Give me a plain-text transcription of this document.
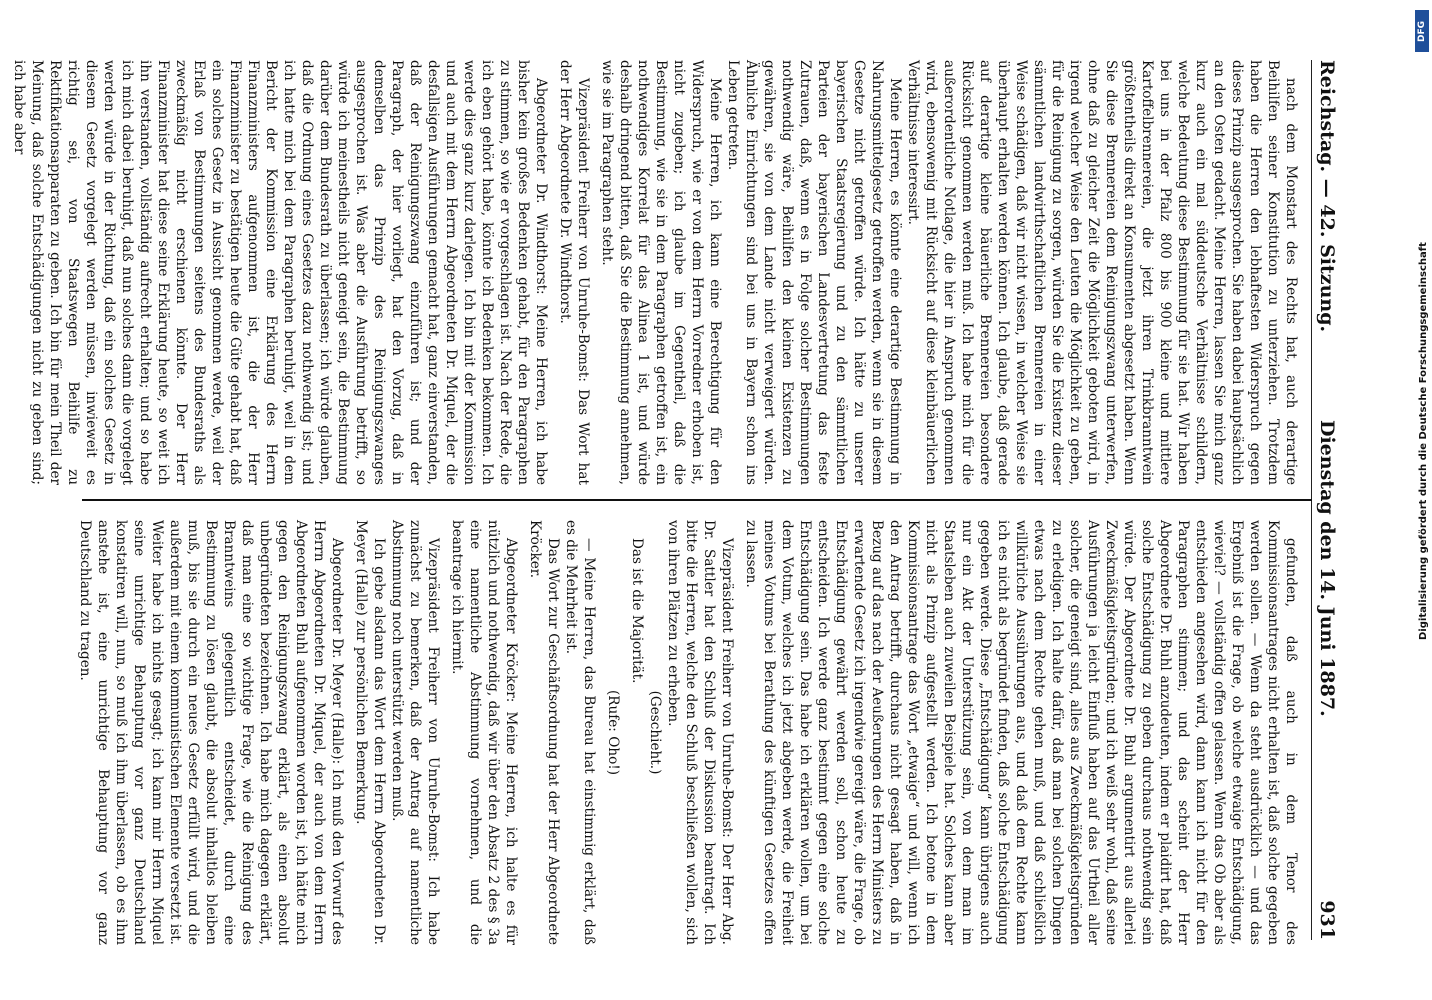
Reichstag. — 42. Sitzung.
Dienstag den 14. Juni 1887.
931

nach dem Monstart des Rechts hat, auch derartige Beihilfen seiner Konstitution zu unterziehen. Trotzdem haben die Herren den lebhaftesten Widerspruch gegen dieses Prinzip ausgesprochen. Sie haben dabei hauptsächlich an den Osten gedacht. Meine Herren, lassen Sie mich ganz kurz auch ein mal süddeutsche Verhältnisse schildern, welche Bedeutung diese Bestimmung für sie hat. Wir haben bei uns in der Pfalz 800 bis 900 kleine und mittlere Kartoffelbrennereien, die jetzt ihren Trinkbranntwein größtentheils direkt an Konsumenten abgesetzt haben. Wenn Sie diese Brennereien dem Reinigungszwang unterwerfen, ohne daß zu gleicher Zeit die Möglichkeit geboten wird, in irgend welcher Weise den Leuten die Möglichkeit zu geben, für die Reinigung zu sorgen, würden Sie die Existenz dieser sämmtlichen landwirthschaftlichen Brennereien in einer Weise schädigen, daß wir nicht wissen, in welcher Weise sie überhaupt erhalten werden können. Ich glaube, daß gerade auf derartige kleine bäuerliche Brennereien besondere Rücksicht genommen werden muß. Ich habe mich für die außerordentliche Notlage, die hier in Anspruch genommen wird, ebensowenig mit Rücksicht auf diese kleinbäuerlichen Verhältnisse interessirt.

Meine Herren, es könnte eine derartige Bestimmung in Nahrungsmittelgesetz getroffen werden, wenn sie in diesem Gesetze nicht getroffen würde. Ich hätte zu unserer bayerischen Staatsregierung und zu den sämmtlichen Parteien der bayerischen Landesvertretung das feste Zutrauen, daß, wenn es in Folge solcher Bestimmungen nothwendig wäre, Beihilfen den kleinen Existenzen zu gewähren, sie von dem Lande nicht verweigert würden. Ähnliche Einrichtungen sind bei uns in Bayern schon ins Leben getreten.

Meine Herren, ich kann eine Berechtigung für den Widerspruch, wie er von dem Herrn Vorredner erhoben ist, nicht zugeben; ich glaube im Gegentheil, daß die Bestimmung, wie sie in dem Paragraphen getroffen ist, ein nothwendiges Korrelat für das Alinea 1 ist, und würde deshalb dringend bitten, daß Sie die Bestimmung annehmen, wie sie im Paragraphen steht.

Vizepräsident Freiherr von Unruhe-Bomst: Das Wort hat der Herr Abgeordnete Dr. Windthorst.

Abgeordneter Dr. Windthorst: Meine Herren, ich habe bisher kein großes Bedenken gehabt, für den Paragraphen zu stimmen, so wie er vorgeschlagen ist. Nach der Rede, die ich eben gehört habe, könnte ich Bedenken bekommen. Ich werde dies ganz kurz darlegen. Ich bin mit der Kommission und auch mit dem Herrn Abgeordneten Dr. Miquel, der die desfallsigen Ausführungen gemacht hat, ganz einverstanden, daß der Reinigungszwang einzuführen ist; und der Paragraph, der hier vorliegt, hat den Vorzug, daß in demselben das Prinzip des Reinigungszwanges ausgesprochen ist. Was aber die Ausführung betrifft, so würde ich meinestheils nicht geneigt sein, die Bestimmung darüber dem Bundesrath zu überlassen; ich würde glauben, daß die Ordnung eines Gesetzes dazu nothwendig ist; und ich hatte mich bei dem Paragraphen beruhigt, weil in dem Bericht der Kommission eine Erklärung des Herrn Finanzministers aufgenommen ist, die der Herr Finanzminister zu bestätigen heute die Güte gehabt hat, daß ein solches Gesetz in Aussicht genommen werde, weil der Erlaß von Bestimmungen seitens des Bundesraths als zweckmäßig nicht erschienen könnte. Der Herr Finanzminister hat diese seine Erklärung heute, so weit ich ihn verstanden, vollständig aufrecht erhalten; und so habe ich mich dabei beruhigt, daß nun solches dann die vorgelegt werden würde in der Richtung, daß ein solches Gesetz in diesem Gesetz vorgelegt werden müssen, inwieweit es richtig sei, von Staatswegen Beihilfe zu Rektifikationsapparaten zu geben. Ich bin für mein Theil der Meinung, daß solche Entschädigungen nicht zu geben sind; ich habe aber

gefunden, daß auch in dem Tenor des Kommissionsantrages nicht erhalten ist, daß solche gegeben werden sollen. — Wenn da steht ausdrücklich — und das Ergebniß ist die Frage, ob welche etwaige Entschädigung, wieviel? — vollständig offen gelassen. Wenn das Ob aber als entschieden angesehen wird, dann kann ich nicht für den Paragraphen stimmen; und das scheint der Herr Abgeordnete Dr. Buhl anzudeuten, indem er plaidirt hat, daß solche Entschädigung zu geben durchaus nothwendig sein würde. Der Abgeordnete Dr. Buhl argumentirt aus allerlei Zweckmäßigkeitsgründen; und ich weiß sehr wohl, daß seine Ausführungen ja leicht Einfluß haben auf das Urtheil aller solcher, die geneigt sind, alles aus Zweckmäßigkeitsgründen zu erledigen. Ich halte dafür, daß man bei solchen Dingen etwas nach dem Rechte gehen muß, und daß schließlich willkürliche Aussührungen aus, und daß dem Rechte kann ich es nicht als begründet finden, daß solche Entschädigung gegeben werde. Diese „Entschädigung“ kann übrigens auch nur ein Akt der Unterstützung sein, von dem man im Staatsleben auch zuweilen Beispiele hat. Solches kann aber nicht als Prinzip aufgestellt werden. Ich betone in dem Kommissionsantrage das Wort „etwaige“ und will, wenn ich den Antrag betrifft, durchaus nicht gesagt haben, daß in Bezug auf das nach der Aeußerungen des Herrn Ministers zu erwartende Gesetz ich irgendwie gereigt wäre, die Frage, ob Entschädigung gewährt werden soll, schon heute zu entscheiden. Ich werde ganz bestimmt gegen eine solche Entschädigung sein. Das habe ich erklären wollen, um bei dem Votum, welches ich jetzt abgeben werde, die Freiheit meines Votums bei Berathung des künftigen Gesetzes offen zu lassen.

Vizepräsident Freiherr von Unruhe-Bomst: Der Herr Abg. Dr. Sattler hat den Schluß der Diskussion beantragt. Ich bitte die Herren, welche den Schluß beschließen wollen, sich von ihren Plätzen zu erheben.

(Geschieht.)

Das ist die Majorität.

(Rufe: Oho!)

— Meine Herren, das Bureau hat einstimmig erklärt, daß es die Mehrheit ist.

Das Wort zur Geschäftsordnung hat der Herr Abgeordnete Kröcker.

Abgeordneter Kröcker: Meine Herren, ich halte es für nützlich und nothwendig, daß wir über den Absatz 2 des § 3a eine namentliche Abstimmung vornehmen, und die beantrage ich hiermit.

Vizepräsident Freiherr von Unruhe-Bomst: Ich habe zunächst zu bemerken, daß der Antrag auf namentliche Abstimmung noch unterstützt werden muß.

Ich gebe alsdann das Wort dem Herrn Abgeordneten Dr. Meyer (Halle) zur persönlichen Bemerkung.

Abgeordneter Dr. Meyer (Halle): Ich muß den Vorwurf des Herrn Abgeordneten Dr. Miquel, der auch von dem Herrn Abgeordneten Buhl aufgenommen worden ist, ich hätte mich gegen den Reinigungszwang erklärt, als einen absolut unbegründeten bezeichnen. Ich habe mich dagegen erklärt, daß man eine so wichtige Frage, wie die Reinigung des Branntweins gelegentlich entscheidet, durch eine Bestimmung zu lösen glaubt, die absolut inhaltlos bleiben muß, bis sie durch ein neues Gesetz erfüllt wird, und die außerdem mit einem kommunistischen Elemente versetzt ist. Weiter habe ich nichts gesagt; ich kann mir Herrn Miquel seine unrichtige Behauptung vor ganz Deutschland konstatiren will, nun, so muß ich ihm überlassen, ob es ihm anstehe ist, eine unrichtige Behauptung vor ganz Deutschland zu tragen.

DFG
Digitalisierung gefördert durch die Deutsche Forschungsgemeinschaft
